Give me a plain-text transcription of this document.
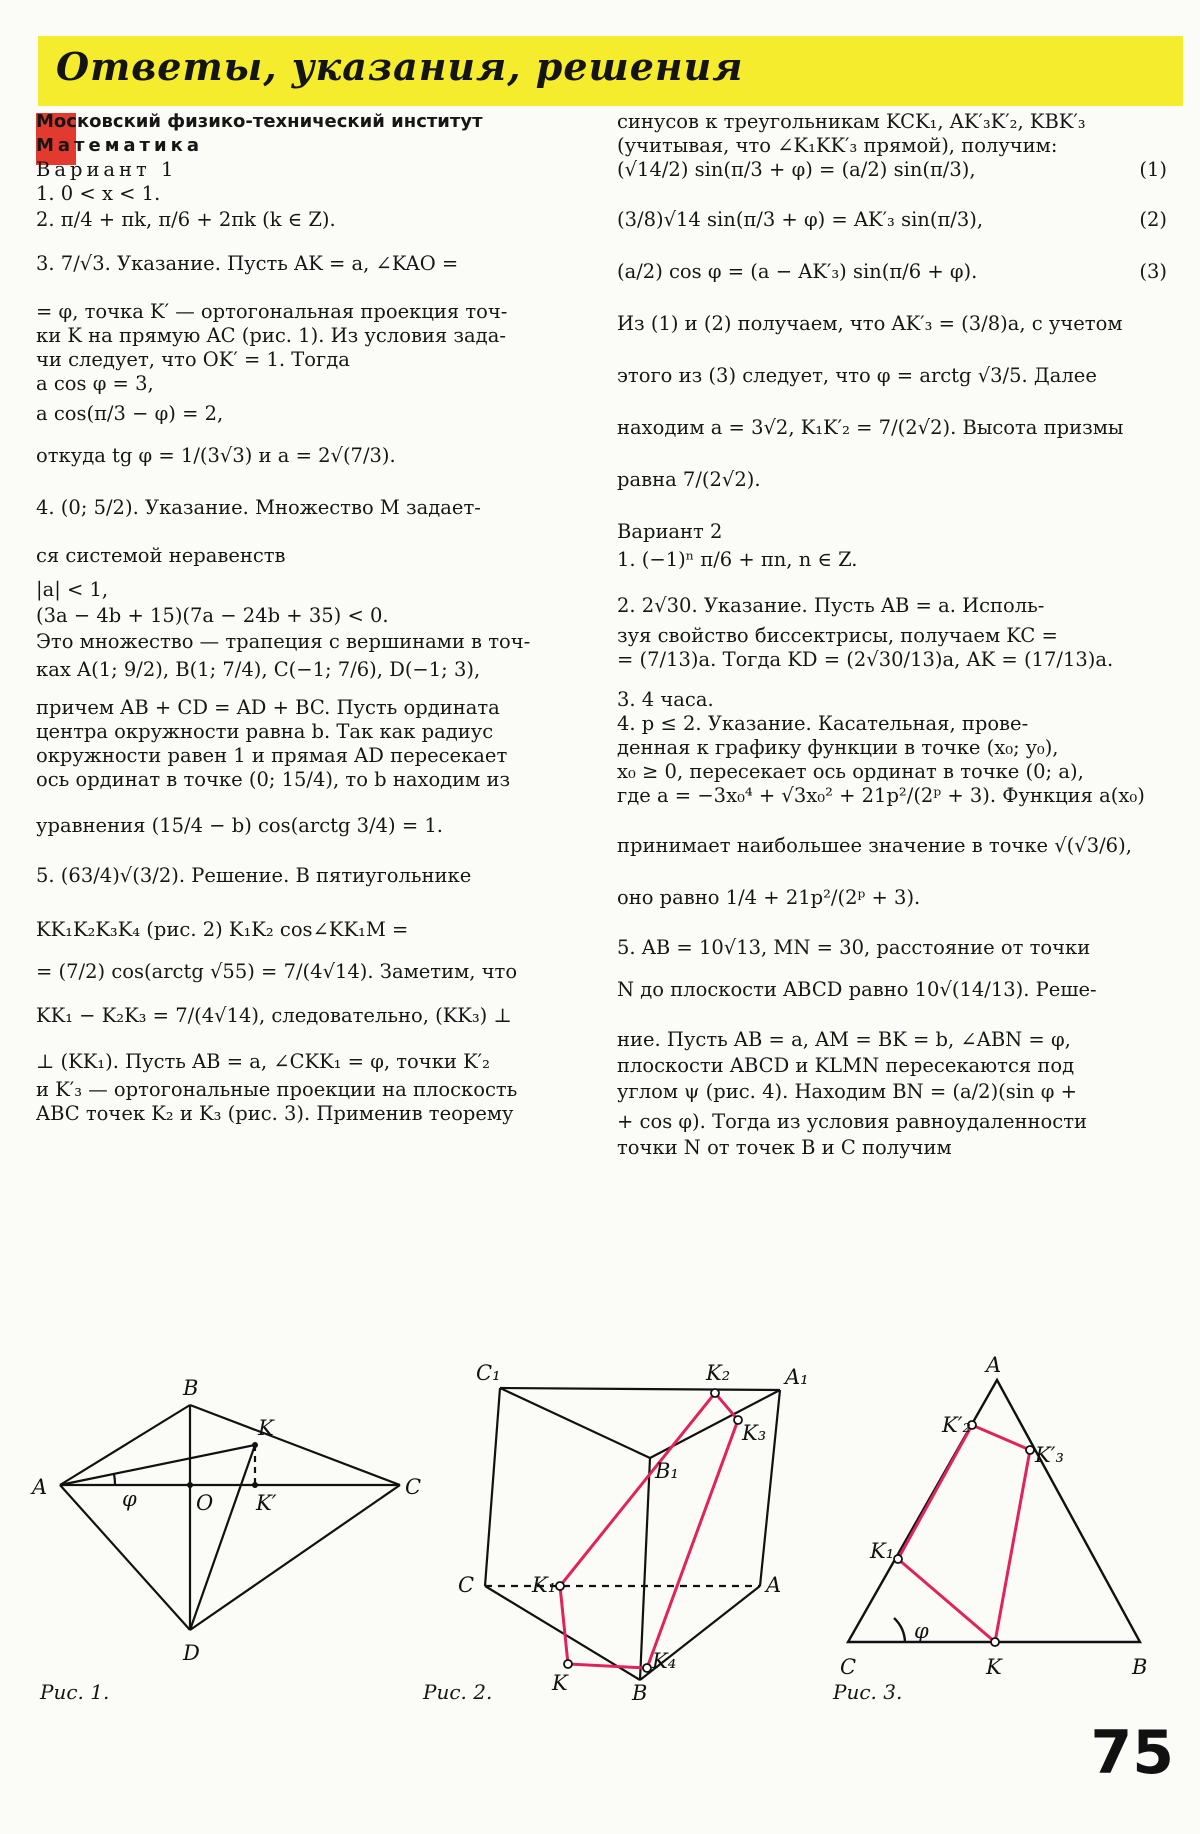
Ответы, указания, решения

Московский физико-технический институт

Математика

Вариант 1

1. 0 < x < 1.

2. π/4 + πk, π/6 + 2πk (k ∈ Z).

3. 7/√3. Указание. Пусть AK = a, ∠KAO =

= φ, точка K′ — ортогональная проекция точ-

ки K на прямую AC (рис. 1). Из условия зада-

чи следует, что OK′ = 1. Тогда

a cos φ = 3,

a cos(π/3 − φ) = 2,

откуда tg φ = 1/(3√3) и a = 2√(7/3).

4. (0; 5/2). Указание. Множество M задает-

ся системой неравенств

|a| < 1,

(3a − 4b + 15)(7a − 24b + 35) < 0.

Это множество — трапеция с вершинами в точ-

ках A(1; 9/2), B(1; 7/4), C(−1; 7/6), D(−1; 3),

причем AB + CD = AD + BC. Пусть ордината

центра окружности равна b. Так как радиус

окружности равен 1 и прямая AD пересекает

ось ординат в точке (0; 15/4), то b находим из

уравнения (15/4 − b) cos(arctg 3/4) = 1.

5. (63/4)√(3/2). Решение. В пятиугольнике

KK₁K₂K₃K₄ (рис. 2) K₁K₂ cos∠KK₁M =

= (7/2) cos(arctg √55) = 7/(4√14). Заметим, что

KK₁ − K₂K₃ = 7/(4√14), следовательно, (KK₃) ⊥

⊥ (KK₁). Пусть AB = a, ∠CKK₁ = φ, точки K′₂

и K′₃ — ортогональные проекции на плоскость

ABC точек K₂ и K₃ (рис. 3). Применив теорему

синусов к треугольникам KCK₁, AK′₃K′₂, KBK′₃
(учитывая, что ∠K₁KK′₃ прямой), получим:
(√14/2) sin(π/3 + φ) = (a/2) sin(π/3),	(1)
(3/8)√14 sin(π/3 + φ) = AK′₃ sin(π/3),	(2)
(a/2) cos φ = (a − AK′₃) sin(π/6 + φ).	(3)
Из (1) и (2) получаем, что AK′₃ = (3/8)a, с учетом
этого из (3) следует, что φ = arctg √3/5. Далее
находим a = 3√2, K₁K′₂ = 7/(2√2). Высота призмы
равна 7/(2√2).
Вариант 2
1. (−1)ⁿ π/6 + πn, n ∈ Z.
2. 2√30. Указание. Пусть AB = a. Исполь-
зуя свойство биссектрисы, получаем KC =
= (7/13)a. Тогда KD = (2√30/13)a, AK = (17/13)a.
3. 4 часа.
4. p ≤ 2. Указание. Касательная, прове-
денная к графику функции в точке (x₀; y₀),
x₀ ≥ 0, пересекает ось ординат в точке (0; a),
где a = −3x₀⁴ + √3x₀² + 21p²/(2ᵖ + 3). Функция a(x₀)
принимает наибольшее значение в точке √(√3/6),
оно равно 1/4 + 21p²/(2ᵖ + 3).
5. AB = 10√13, MN = 30, расстояние от точки
N до плоскости ABCD равно 10√(14/13). Реше-
ние. Пусть AB = a, AM = BK = b, ∠ABN = φ,
плоскости ABCD и KLMN пересекаются под
углом ψ (рис. 4). Находим BN = (a/2)(sin φ +
+ cos φ). Тогда из условия равноудаленности
точки N от точек B и C получим
A
B
C
D
O
K
K′
φ
Рис. 1.
C₁	K₂	A₁
K₃
B₁
K₁
C	A
K
K₄
B
Рис. 2.
A
K′₂
K′₃
K₁
φ
C	K	B
Рис. 3.
75
